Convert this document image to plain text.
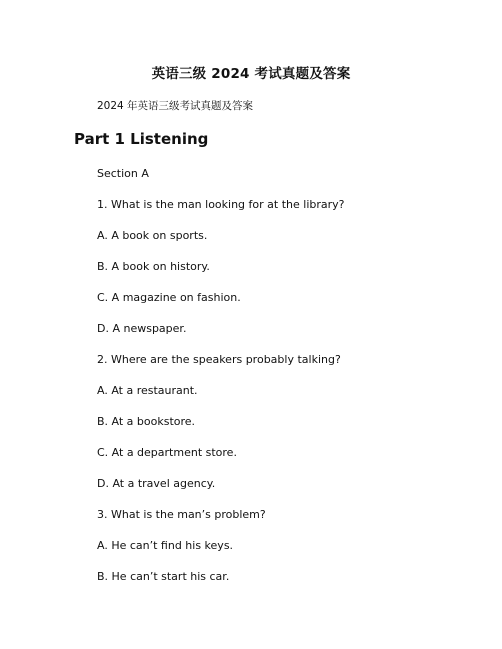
英语三级 2024 考试真题及答案
2024 年英语三级考试真题及答案
Part 1 Listening
Section A
1. What is the man looking for at the library?
A. A book on sports.
B. A book on history.
C. A magazine on fashion.
D. A newspaper.
2. Where are the speakers probably talking?
A. At a restaurant.
B. At a bookstore.
C. At a department store.
D. At a travel agency.
3. What is the man’s problem?
A. He can’t find his keys.
B. He can’t start his car.
